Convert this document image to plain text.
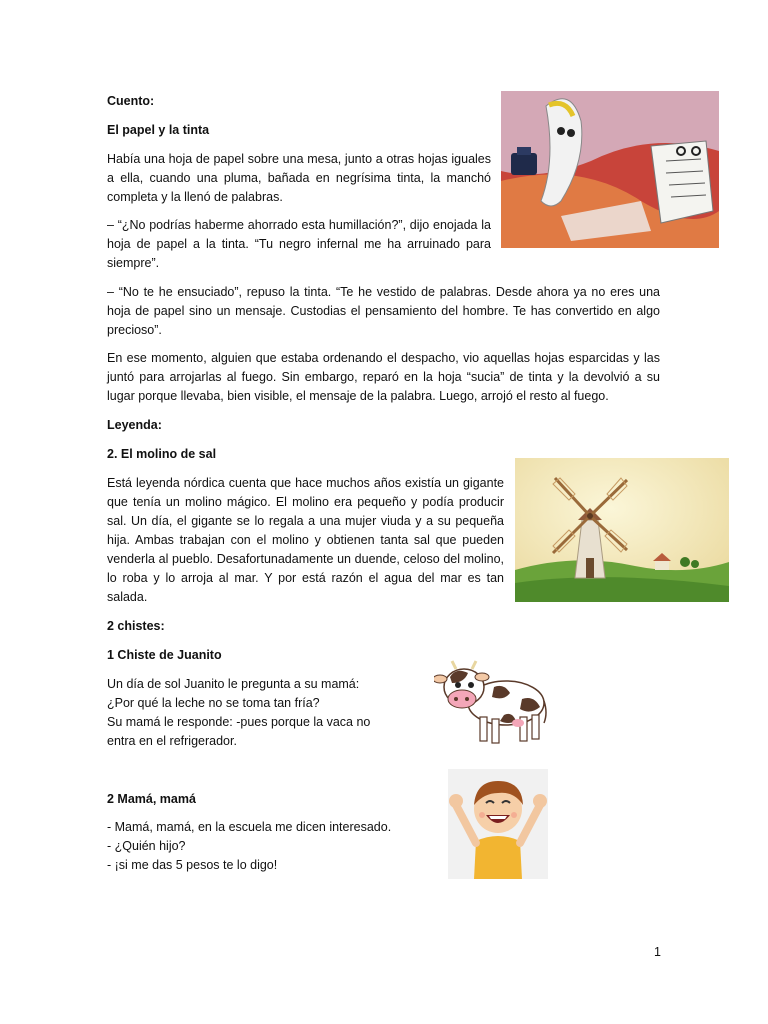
Cuento:

El papel y la tinta

Había una hoja de papel sobre una mesa, junto a otras hojas iguales a ella, cuando una pluma, bañada en negrísima tinta, la manchó completa y la llenó de palabras.

– “¿No podrías haberme ahorrado esta humillación?”, dijo enojada la hoja de papel a la tinta. “Tu negro infernal me ha arruinado para siempre”.

– “No te he ensuciado”, repuso la tinta. “Te he vestido de palabras. Desde ahora ya no eres una hoja de papel sino un mensaje. Custodias el pensamiento del hombre. Te has convertido en algo precioso”.

En ese momento, alguien que estaba ordenando el despacho, vio aquellas hojas esparcidas y las juntó para arrojarlas al fuego. Sin embargo, reparó en la hoja “sucia” de tinta y la devolvió a su lugar porque llevaba, bien visible, el mensaje de la palabra. Luego, arrojó el resto al fuego.

Leyenda:

2. El molino de sal

Está leyenda nórdica cuenta que hace muchos años existía un gigante que tenía un molino mágico. El molino era pequeño y podía producir sal. Un día, el gigante se lo regala a una mujer viuda y a su pequeña hija. Ambas trabajan con el molino y obtienen tanta sal que pueden venderla al pueblo. Desafortunadamente un duende, celoso del molino, lo roba y lo arroja al mar. Y por está razón el agua del mar es tan salada.

2 chistes:

1 Chiste de Juanito

Un día de sol Juanito le pregunta a su mamá:

¿Por qué la leche no se toma tan fría?

Su mamá le responde: -pues porque la vaca no

entra en el refrigerador.

2 Mamá, mamá

- Mamá, mamá, en la escuela me dicen interesado.

- ¿Quién hijo?

- ¡si me das 5 pesos te lo digo!

1
